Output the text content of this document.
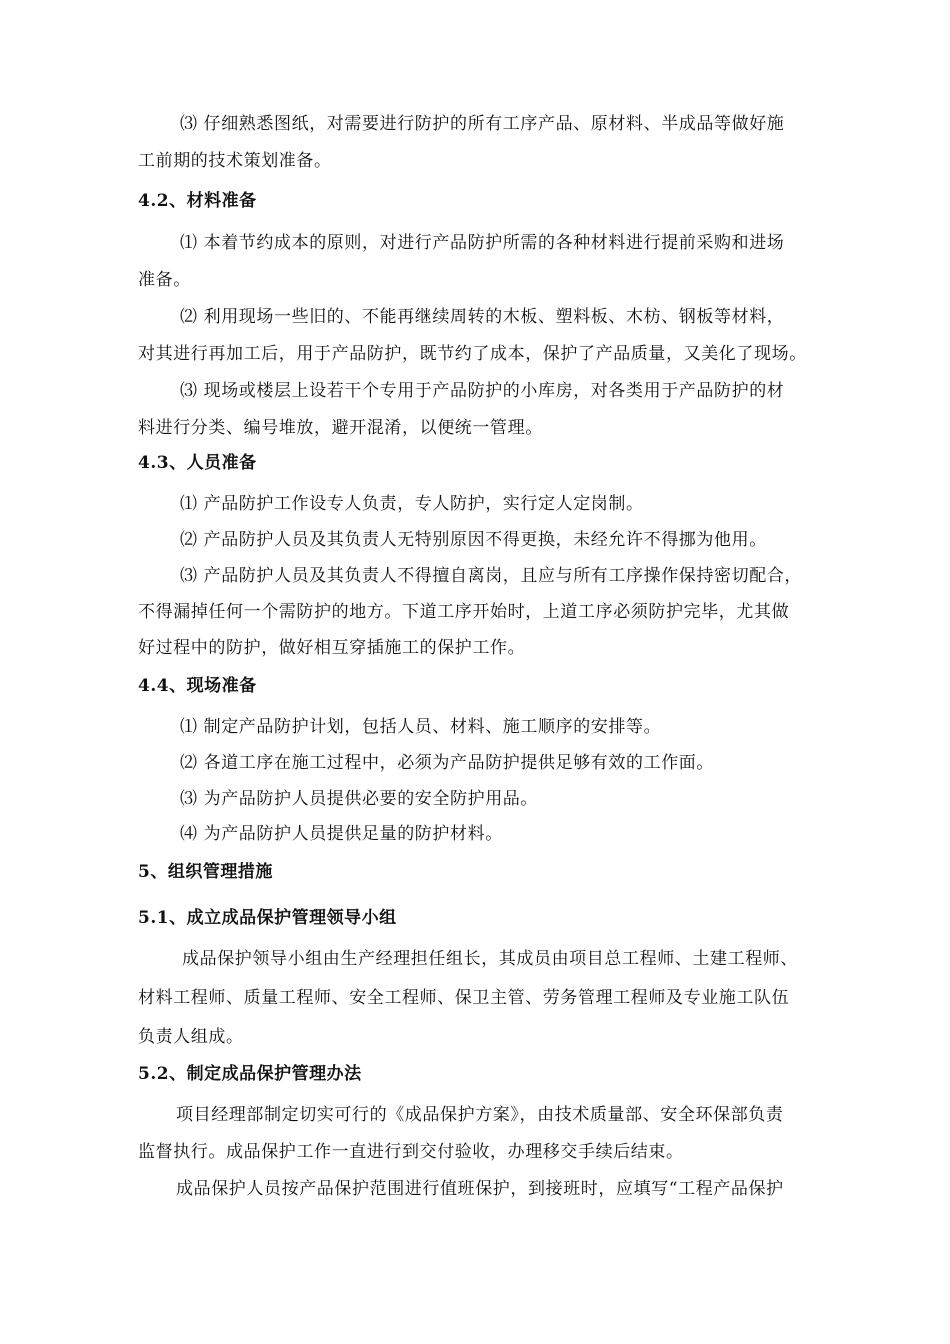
⑶ 仔细熟悉图纸，对需要进行防护的所有工序产品、原材料、半成品等做好施
工前期的技术策划准备。
4.2、材料准备
⑴ 本着节约成本的原则，对进行产品防护所需的各种材料进行提前采购和进场
准备。
⑵ 利用现场一些旧的、不能再继续周转的木板、塑料板、木枋、钢板等材料，
对其进行再加工后，用于产品防护，既节约了成本，保护了产品质量，又美化了现场。
⑶ 现场或楼层上设若干个专用于产品防护的小库房，对各类用于产品防护的材
料进行分类、编号堆放，避开混淆，以便统一管理。
4.3、人员准备
⑴ 产品防护工作设专人负责，专人防护，实行定人定岗制。
⑵ 产品防护人员及其负责人无特别原因不得更换，未经允许不得挪为他用。
⑶ 产品防护人员及其负责人不得擅自离岗，且应与所有工序操作保持密切配合，
不得漏掉任何一个需防护的地方。下道工序开始时，上道工序必须防护完毕，尤其做
好过程中的防护，做好相互穿插施工的保护工作。
4.4、现场准备
⑴ 制定产品防护计划，包括人员、材料、施工顺序的安排等。
⑵ 各道工序在施工过程中，必须为产品防护提供足够有效的工作面。
⑶ 为产品防护人员提供必要的安全防护用品。
⑷ 为产品防护人员提供足量的防护材料。
5、组织管理措施
5.1、成立成品保护管理领导小组
成品保护领导小组由生产经理担任组长，其成员由项目总工程师、土建工程师、
材料工程师、质量工程师、安全工程师、保卫主管、劳务管理工程师及专业施工队伍
负责人组成。
5.2、制定成品保护管理办法
项目经理部制定切实可行的《成品保护方案》，由技术质量部、安全环保部负责
监督执行。成品保护工作一直进行到交付验收，办理移交手续后结束。
成品保护人员按产品保护范围进行值班保护，到接班时，应填写“工程产品保护
